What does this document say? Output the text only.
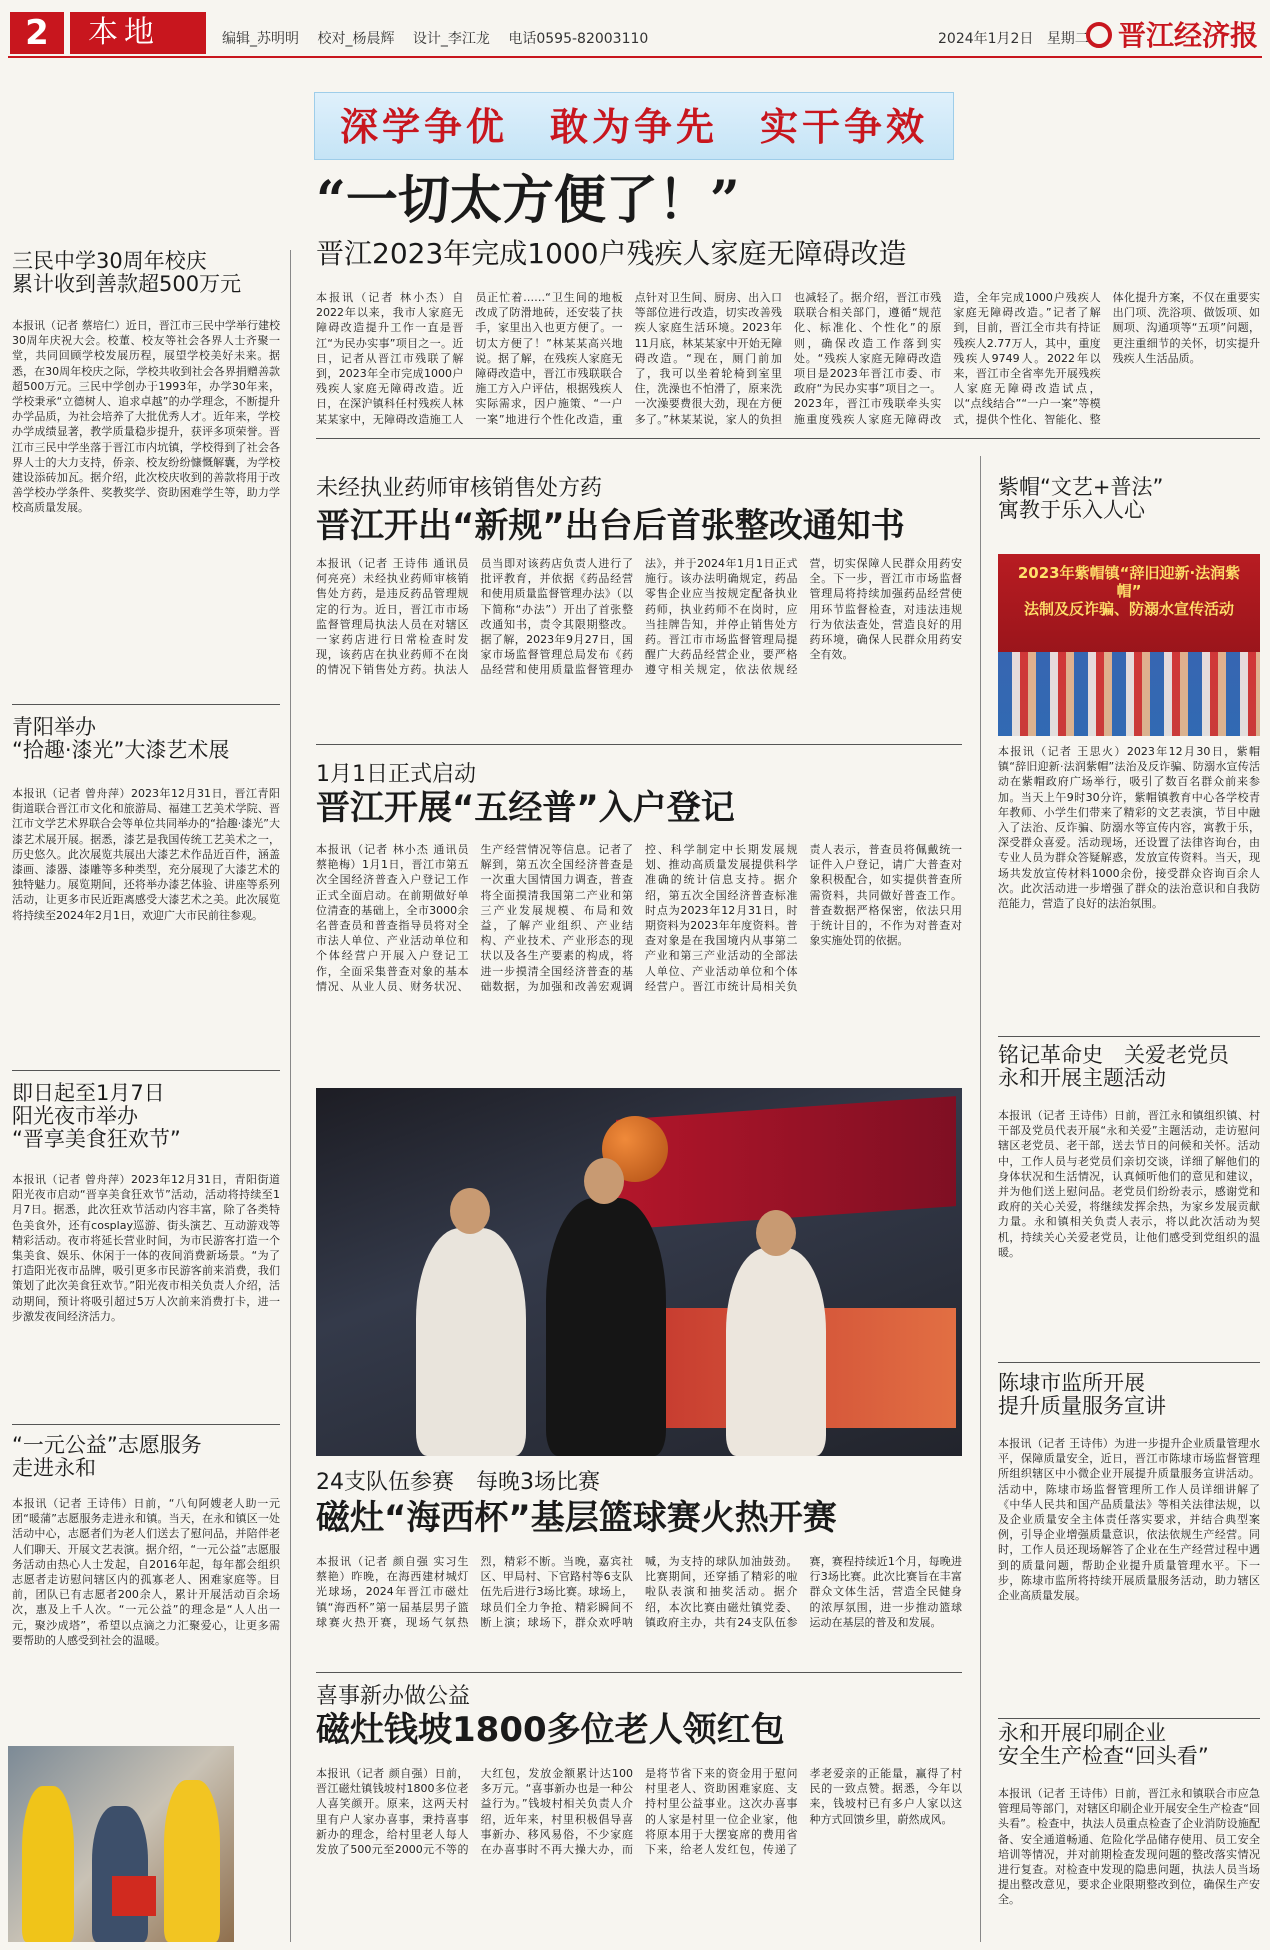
2	本地	编辑_苏明明 校对_杨晨辉 设计_李江龙 电话0595-82003110	2024年1月2日 星期二	晋江经济报
深学争优　敢为争先　实干争效
三民中学30周年校庆
累计收到善款超500万元
本报讯（记者 蔡培仁）近日，晋江市三民中学举行建校30周年庆祝大会。校董、校友等社会各界人士齐聚一堂，共同回顾学校发展历程，展望学校美好未来。据悉，在30周年校庆之际，学校共收到社会各界捐赠善款超500万元。三民中学创办于1993年，办学30年来，学校秉承“立德树人、追求卓越”的办学理念，不断提升办学品质，为社会培养了大批优秀人才。近年来，学校办学成绩显著，教学质量稳步提升，获评多项荣誉。晋江市三民中学坐落于晋江市内坑镇，学校得到了社会各界人士的大力支持，侨亲、校友纷纷慷慨解囊，为学校建设添砖加瓦。据介绍，此次校庆收到的善款将用于改善学校办学条件、奖教奖学、资助困难学生等，助力学校高质量发展。
青阳举办
“拾趣·漆光”大漆艺术展
本报讯（记者 曾舟萍）2023年12月31日，晋江青阳街道联合晋江市文化和旅游局、福建工艺美术学院、晋江市文学艺术界联合会等单位共同举办的“拾趣·漆光”大漆艺术展开展。据悉，漆艺是我国传统工艺美术之一，历史悠久。此次展览共展出大漆艺术作品近百件，涵盖漆画、漆器、漆雕等多种类型，充分展现了大漆艺术的独特魅力。展览期间，还将举办漆艺体验、讲座等系列活动，让更多市民近距离感受大漆艺术之美。此次展览将持续至2024年2月1日，欢迎广大市民前往参观。
即日起至1月7日
阳光夜市举办
“晋享美食狂欢节”
本报讯（记者 曾舟萍）2023年12月31日，青阳街道阳光夜市启动“晋享美食狂欢节”活动，活动将持续至1月7日。据悉，此次狂欢节活动内容丰富，除了各类特色美食外，还有cosplay巡游、街头演艺、互动游戏等精彩活动。夜市将延长营业时间，为市民游客打造一个集美食、娱乐、休闲于一体的夜间消费新场景。“为了打造阳光夜市品牌，吸引更多市民游客前来消费，我们策划了此次美食狂欢节。”阳光夜市相关负责人介绍，活动期间，预计将吸引超过5万人次前来消费打卡，进一步激发夜间经济活力。
“一元公益”志愿服务
走进永和
本报讯（记者 王诗伟）日前，“八旬阿嫂老人助一元团“暖蒲”志愿服务走进永和镇。当天，在永和镇区一处活动中心，志愿者们为老人们送去了慰问品，并陪伴老人们聊天、开展文艺表演。据介绍，“一元公益”志愿服务活动由热心人士发起，自2016年起，每年都会组织志愿者走访慰问辖区内的孤寡老人、困难家庭等。目前，团队已有志愿者200余人，累计开展活动百余场次，惠及上千人次。“一元公益”的理念是“人人出一元，聚沙成塔”，希望以点滴之力汇聚爱心，让更多需要帮助的人感受到社会的温暖。
“一切太方便了！”
晋江2023年完成1000户残疾人家庭无障碍改造
本报讯（记者 林小杰）自2022年以来，我市人家庭无障碍改造提升工作一直是晋江“为民办实事”项目之一。近日，记者从晋江市残联了解到，2023年全市完成1000户残疾人家庭无障碍改造。近日，在深沪镇科任村残疾人林某某家中，无障碍改造施工人员正忙着……“卫生间的地板改成了防滑地砖，还安装了扶手，家里出入也更方便了。一切太方便了！”林某某高兴地说。据了解，在残疾人家庭无障碍改造中，晋江市残联联合施工方入户评估，根据残疾人实际需求，因户施策、“一户一案”地进行个性化改造，重点针对卫生间、厨房、出入口等部位进行改造，切实改善残疾人家庭生活环境。2023年11月底，林某某家中开始无障碍改造。“现在，厕门前加了，我可以坐着轮椅到室里住，洗澡也不怕滑了，原来洗一次澡要费很大劲，现在方便多了。”林某某说，家人的负担也减轻了。据介绍，晋江市残联联合相关部门，遵循“规范化、标准化、个性化”的原则，确保改造工作落到实处。“残疾人家庭无障碍改造项目是2023年晋江市委、市政府“为民办实事”项目之一。2023年，晋江市残联牵头实施重度残疾人家庭无障碍改造，全年完成1000户残疾人家庭无障碍改造。”记者了解到，目前，晋江全市共有持证残疾人2.77万人，其中，重度残疾人9749人。2022年以来，晋江市全省率先开展残疾人家庭无障碍改造试点，以“点线结合”“一户一案”等模式，提供个性化、智能化、整体化提升方案，不仅在重要实出门项、洗浴项、做饭项、如厕项、沟通项等“五项”问题，更注重细节的关怀，切实提升残疾人生活品质。
未经执业药师审核销售处方药
晋江开出“新规”出台后首张整改通知书
本报讯（记者 王诗伟 通讯员 何亮亮）未经执业药师审核销售处方药，是违反药品管理规定的行为。近日，晋江市市场监督管理局执法人员在对辖区一家药店进行日常检查时发现，该药店在执业药师不在岗的情况下销售处方药。执法人员当即对该药店负责人进行了批评教育，并依据《药品经营和使用质量监督管理办法》（以下简称“办法”）开出了首张整改通知书，责令其限期整改。据了解，2023年9月27日，国家市场监督管理总局发布《药品经营和使用质量监督管理办法》，并于2024年1月1日正式施行。该办法明确规定，药品零售企业应当按规定配备执业药师，执业药师不在岗时，应当挂牌告知，并停止销售处方药。晋江市市场监督管理局提醒广大药品经营企业，要严格遵守相关规定，依法依规经营，切实保障人民群众用药安全。下一步，晋江市市场监督管理局将持续加强药品经营使用环节监督检查，对违法违规行为依法查处，营造良好的用药环境，确保人民群众用药安全有效。
1月1日正式启动
晋江开展“五经普”入户登记
本报讯（记者 林小杰 通讯员 蔡艳梅）1月1日，晋江市第五次全国经济普查入户登记工作正式全面启动。在前期做好单位清查的基础上，全市3000余名普查员和普查指导员将对全市法人单位、产业活动单位和个体经营户开展入户登记工作，全面采集普查对象的基本情况、从业人员、财务状况、生产经营情况等信息。记者了解到，第五次全国经济普查是一次重大国情国力调查，普查将全面摸清我国第二产业和第三产业发展规模、布局和效益，了解产业组织、产业结构、产业技术、产业形态的现状以及各生产要素的构成，将进一步摸清全国经济普查的基础数据，为加强和改善宏观调控、科学制定中长期发展规划、推动高质量发展提供科学准确的统计信息支持。据介绍，第五次全国经济普查标准时点为2023年12月31日，时期资料为2023年年度资料。普查对象是在我国境内从事第二产业和第三产业活动的全部法人单位、产业活动单位和个体经营户。晋江市统计局相关负责人表示，普查员将佩戴统一证件入户登记，请广大普查对象积极配合，如实提供普查所需资料，共同做好普查工作。普查数据严格保密，依法只用于统计目的，不作为对普查对象实施处罚的依据。
24支队伍参赛　每晚3场比赛
磁灶“海西杯”基层篮球赛火热开赛
本报讯（记者 颜自强 实习生 蔡艳）昨晚，在海西建材城灯光球场，2024年晋江市磁灶镇“海西杯”第一届基层男子篮球赛火热开赛，现场气氛热烈，精彩不断。当晚，嘉宾社区、甲局村、下官路村等6支队伍先后进行3场比赛。球场上，球员们全力争抢、精彩瞬间不断上演；球场下，群众欢呼呐喊，为支持的球队加油鼓劲。比赛期间，还穿插了精彩的啦啦队表演和抽奖活动。据介绍，本次比赛由磁灶镇党委、镇政府主办，共有24支队伍参赛，赛程持续近1个月，每晚进行3场比赛。此次比赛旨在丰富群众文体生活，营造全民健身的浓厚氛围，进一步推动篮球运动在基层的普及和发展。
喜事新办做公益
磁灶钱坡1800多位老人领红包
本报讯（记者 颜自强）日前，晋江磁灶镇钱坡村1800多位老人喜笑颜开。原来，这两天村里有户人家办喜事，秉持喜事新办的理念，给村里老人每人发放了500元至2000元不等的大红包，发放金额累计达100多万元。“喜事新办也是一种公益行为。”钱坡村相关负责人介绍，近年来，村里积极倡导喜事新办、移风易俗，不少家庭在办喜事时不再大操大办，而是将节省下来的资金用于慰问村里老人、资助困难家庭、支持村里公益事业。这次办喜事的人家是村里一位企业家，他将原本用于大摆宴席的费用省下来，给老人发红包，传递了孝老爱亲的正能量，赢得了村民的一致点赞。据悉，今年以来，钱坡村已有多户人家以这种方式回馈乡里，蔚然成风。
紫帽“文艺+普法”
寓教于乐入人心
2023年紫帽镇“辞旧迎新·法润紫帽”
法制及反诈骗、防溺水宣传活动
本报讯（记者 王思火）2023年12月30日，紫帽镇“辞旧迎新·法润紫帽”法治及反诈骗、防溺水宣传活动在紫帽政府广场举行，吸引了数百名群众前来参加。当天上午9时30分许，紫帽镇教育中心各学校青年教师、小学生们带来了精彩的文艺表演，节目中融入了法治、反诈骗、防溺水等宣传内容，寓教于乐，深受群众喜爱。活动现场，还设置了法律咨询台，由专业人员为群众答疑解惑，发放宣传资料。当天，现场共发放宣传材料1000余份，接受群众咨询百余人次。此次活动进一步增强了群众的法治意识和自我防范能力，营造了良好的法治氛围。
铭记革命史　关爱老党员
永和开展主题活动
本报讯（记者 王诗伟）日前，晋江永和镇组织镇、村干部及党员代表开展“永和关爱”主题活动，走访慰问辖区老党员、老干部，送去节日的问候和关怀。活动中，工作人员与老党员们亲切交谈，详细了解他们的身体状况和生活情况，认真倾听他们的意见和建议，并为他们送上慰问品。老党员们纷纷表示，感谢党和政府的关心关爱，将继续发挥余热，为家乡发展贡献力量。永和镇相关负责人表示，将以此次活动为契机，持续关心关爱老党员，让他们感受到党组织的温暖。
陈埭市监所开展
提升质量服务宣讲
本报讯（记者 王诗伟）为进一步提升企业质量管理水平，保障质量安全，近日，晋江市陈埭市场监督管理所组织辖区中小微企业开展提升质量服务宣讲活动。活动中，陈埭市场监督管理所工作人员详细讲解了《中华人民共和国产品质量法》等相关法律法规，以及企业质量安全主体责任落实要求，并结合典型案例，引导企业增强质量意识，依法依规生产经营。同时，工作人员还现场解答了企业在生产经营过程中遇到的质量问题，帮助企业提升质量管理水平。下一步，陈埭市监所将持续开展质量服务活动，助力辖区企业高质量发展。
永和开展印刷企业
安全生产检查“回头看”
本报讯（记者 王诗伟）日前，晋江永和镇联合市应急管理局等部门，对辖区印刷企业开展安全生产检查“回头看”。检查中，执法人员重点检查了企业消防设施配备、安全通道畅通、危险化学品储存使用、员工安全培训等情况，并对前期检查发现问题的整改落实情况进行复查。对检查中发现的隐患问题，执法人员当场提出整改意见，要求企业限期整改到位，确保生产安全。
